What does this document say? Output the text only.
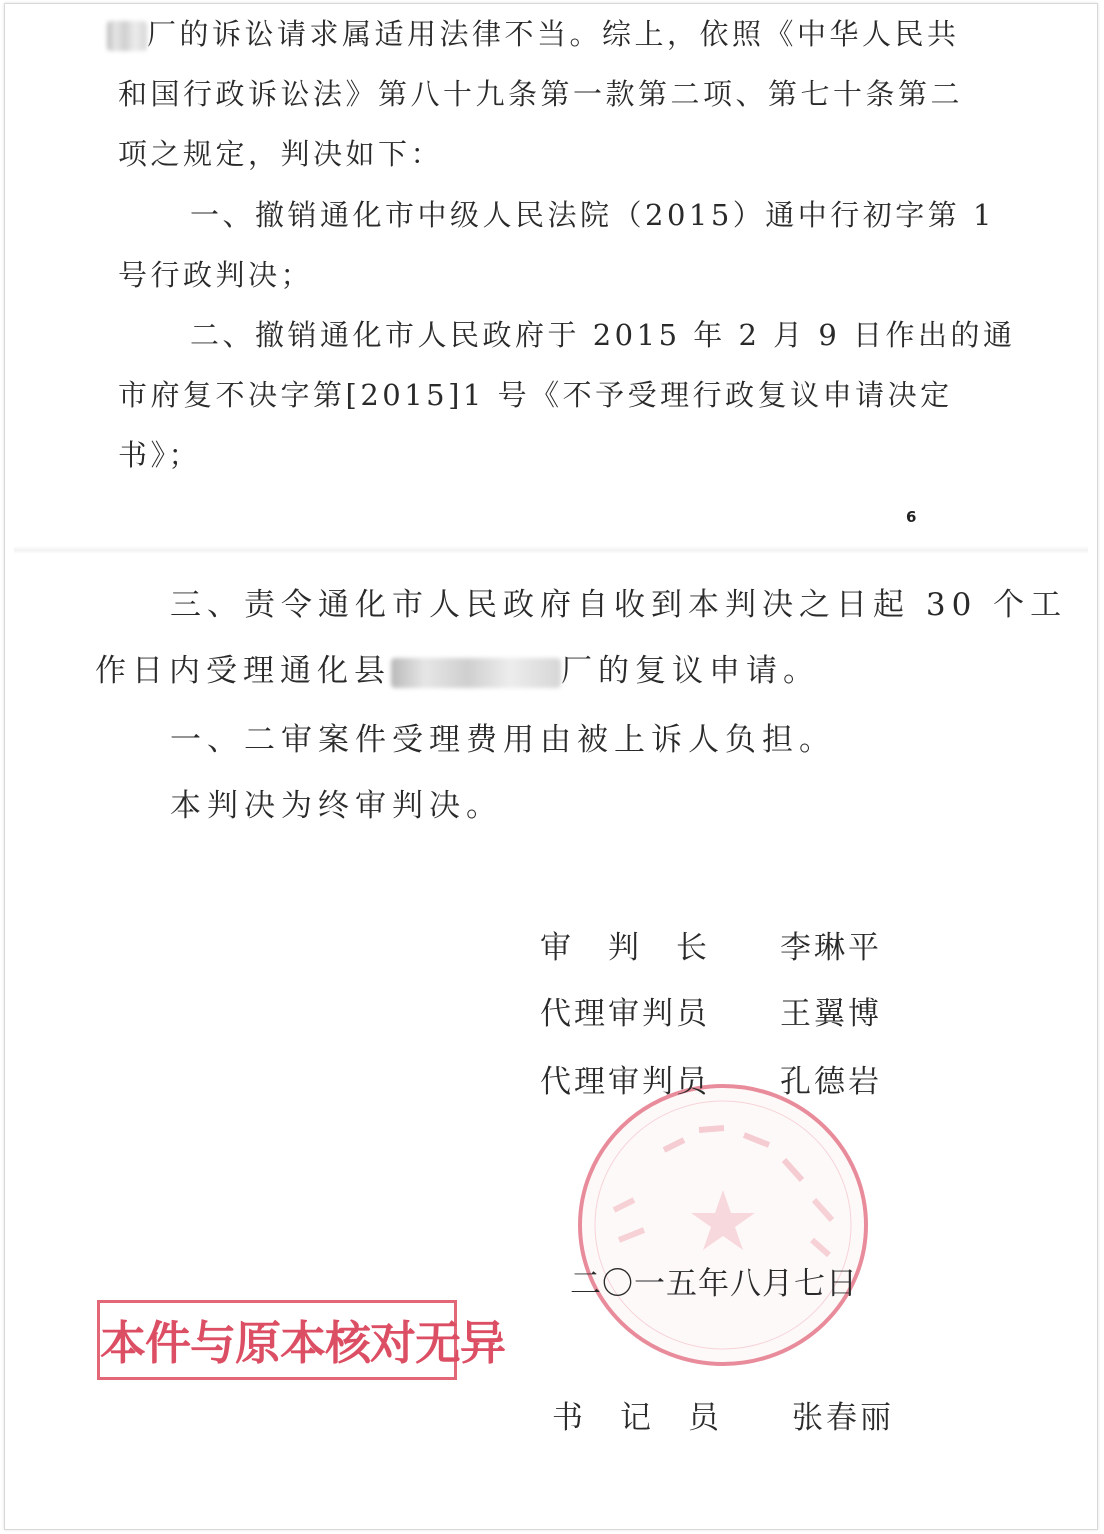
厂的诉讼请求属适用法律不当。综上，依照《中华人民共
和国行政诉讼法》第八十九条第一款第二项、第七十条第二
项之规定，判决如下：
一、撤销通化市中级人民法院（2015）通中行初字第 1
号行政判决；
二、撤销通化市人民政府于 2015 年 2 月 9 日作出的通
市府复不决字第[2015]1 号《不予受理行政复议申请决定
书》；
6
三、责令通化市人民政府自收到本判决之日起 30 个工
作日内受理通化县	厂的复议申请。
一、二审案件受理费用由被上诉人负担。
本判决为终审判决。
审　判　长 李琳平
代理审判员 王翼博
代理审判员 孔德岩
二〇一五年八月七日
书　记　员 张春丽
本件与原本核对无异
